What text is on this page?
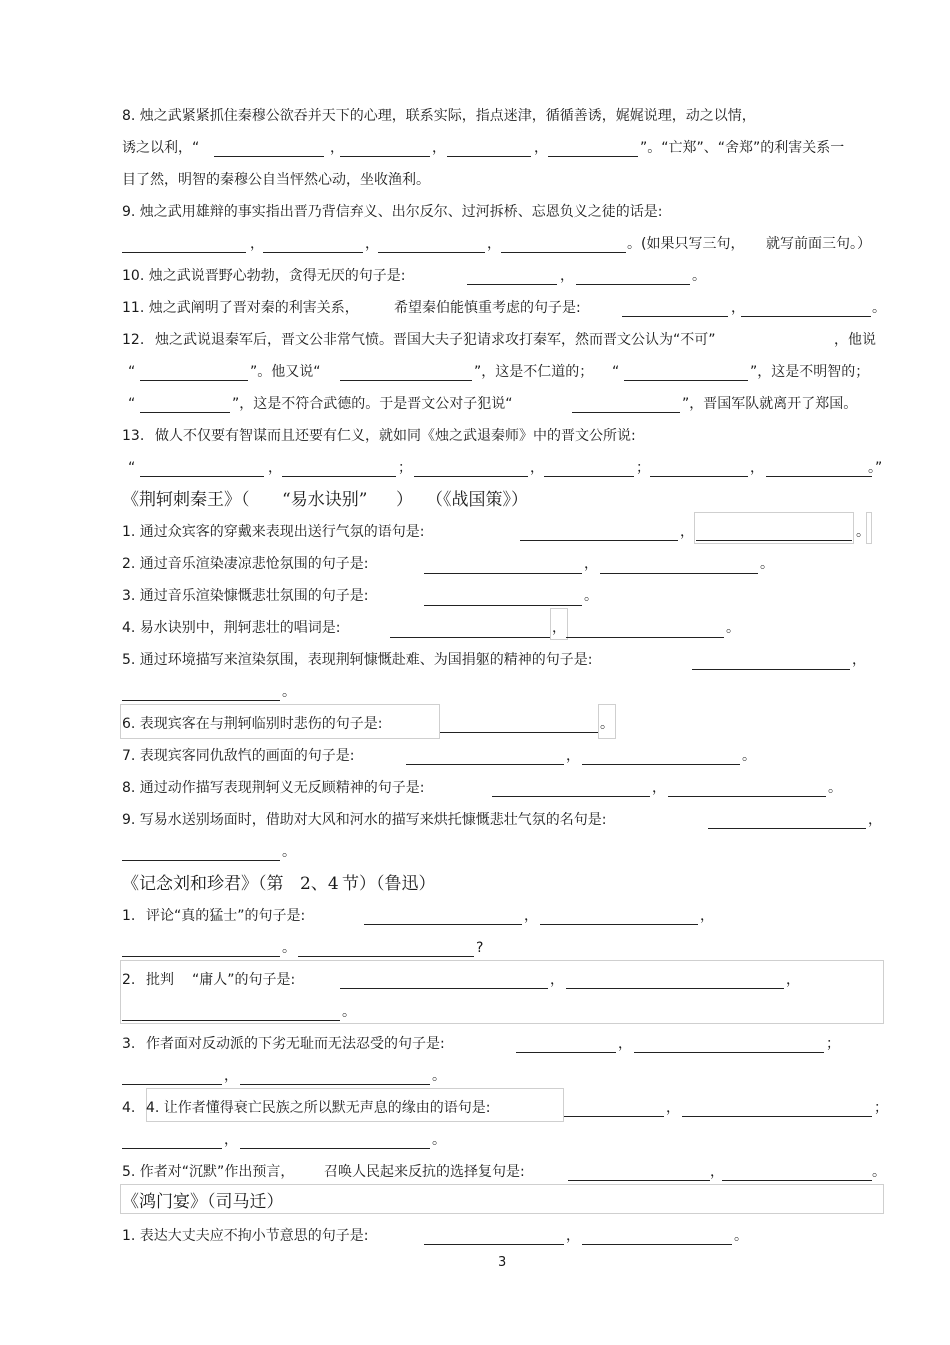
8. 烛之武紧紧抓住秦穆公欲吞并天下的心理，联系实际，指点迷津，循循善诱，娓娓说理，动之以情，
诱之以利，“	，	，	，	”。“亡郑”、“舍郑”的利害关系一
目了然，明智的秦穆公自当怦然心动，坐收渔利。
9. 烛之武用雄辩的事实指出晋乃背信弃义、出尔反尔、过河拆桥、忘恩负义之徒的话是:
，	，	，	。(如果只写三句， 就写前面三句。）
10. 烛之武说晋野心勃勃，贪得无厌的句子是:	，	。
11. 烛之武阐明了晋对秦的利害关系，	希望秦伯能慎重考虑的句子是:	，	。
12. 烛之武说退秦军后，晋文公非常气愤。晋国大夫子犯请求攻打秦军，然而晋文公认为“不可”	，他说
“	”。他又说“	”，这是不仁道的； “	”，这是不明智的；
“	”，这是不符合武德的。于是晋文公对子犯说“	”，晋国军队就离开了郑国。
13. 做人不仅要有智谋而且还要有仁义，就如同《烛之武退秦师》中的晋文公所说:
“	，	；	，	；	，	。”
《荆轲刺秦王》（ “易水诀别” ） （《战国策》）
1. 通过众宾客的穿戴来表现出送行气氛的语句是:	，	。
2. 通过音乐渲染凄凉悲怆氛围的句子是:	，	。
3. 通过音乐渲染慷慨悲壮氛围的句子是:	。
4. 易水诀别中，荆轲悲壮的唱词是:	，	。
5. 通过环境描写来渲染氛围，表现荆轲慷慨赴难、为国捐躯的精神的句子是:	，
。
6. 表现宾客在与荆轲临别时悲伤的句子是:	。
7. 表现宾客同仇敌忾的画面的句子是:	，	。
8. 通过动作描写表现荆轲义无反顾精神的句子是:	，	。
9. 写易水送别场面时，借助对大风和河水的描写来烘托慷慨悲壮气氛的名句是:	，
。
《记念刘和珍君》（第 2、4 节）（鲁迅）
1. 评论“真的猛士”的句子是:	，	，
。	?
2. 批判 “庸人”的句子是:	，	，
。
3. 作者面对反动派的下劣无耻而无法忍受的句子是:	，	；
，	。
4. 4. 让作者懂得衰亡民族之所以默无声息的缘由的语句是:	，	；
，	。
5. 作者对“沉默”作出预言， 召唤人民起来反抗的选择复句是:	，	。
《鸿门宴》（司马迁）
1. 表达大丈夫应不拘小节意思的句子是:	，	。
3
